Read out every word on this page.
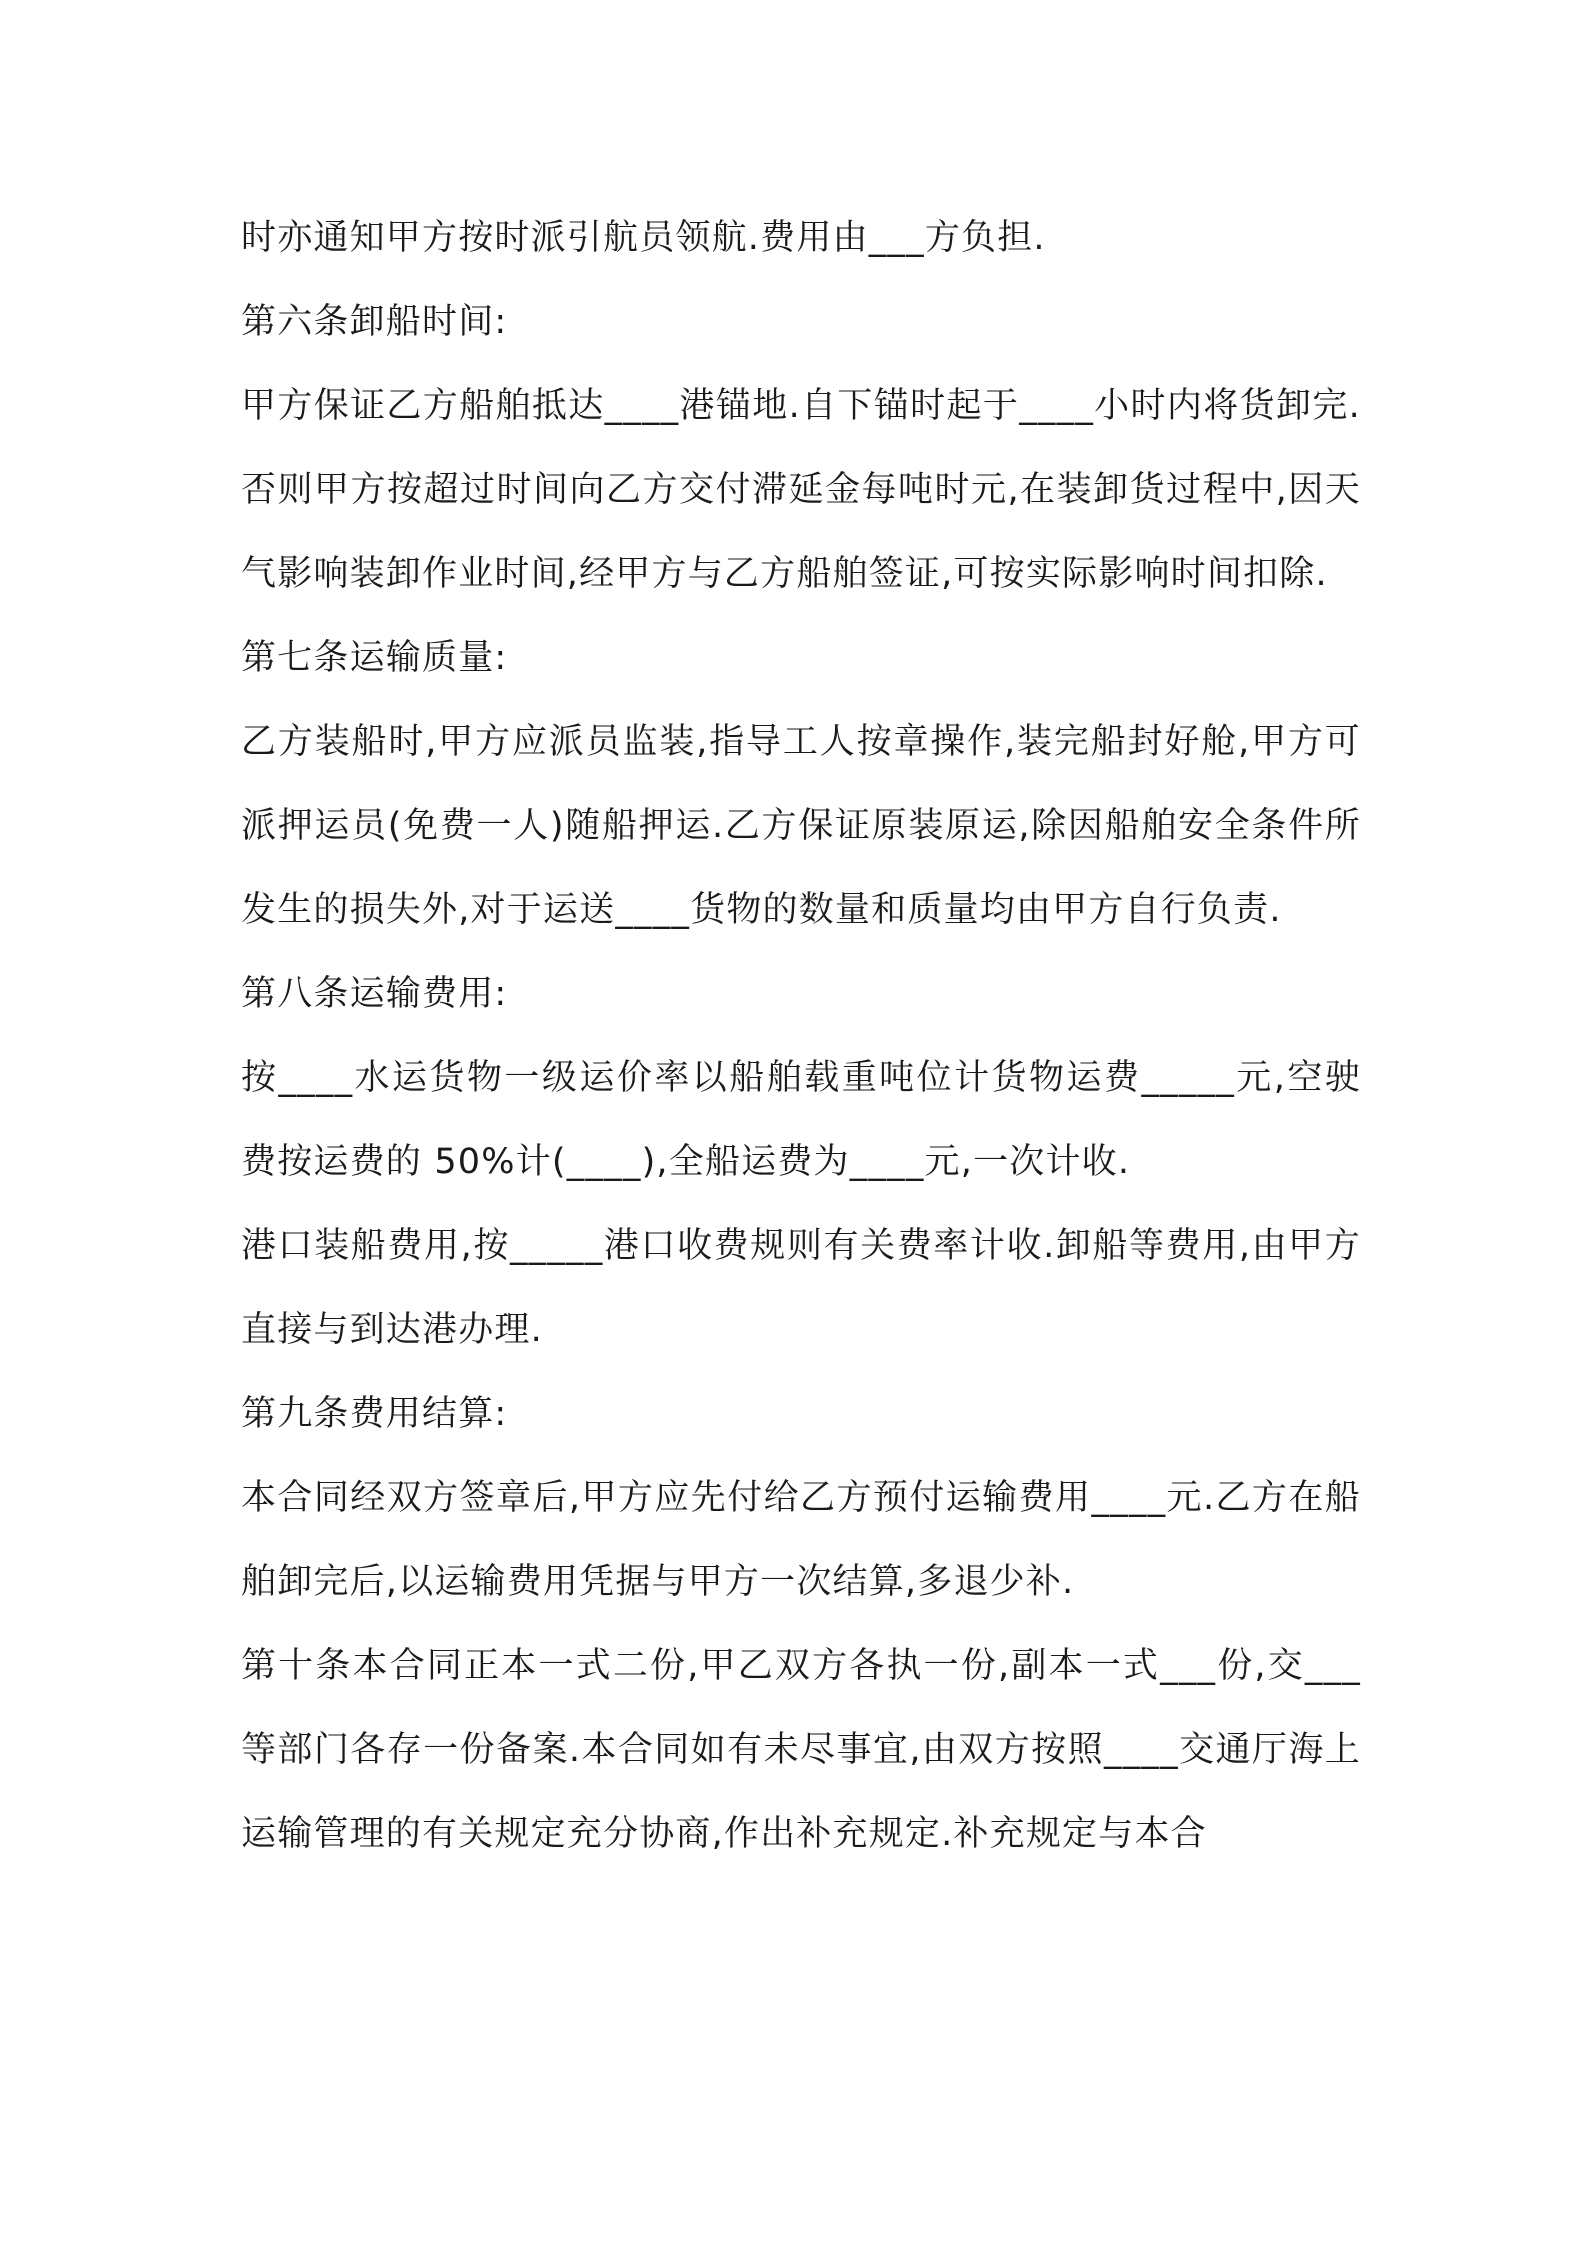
时亦通知甲方按时派引航员领航.费用由___方负担.

第六条卸船时间:

甲方保证乙方船舶抵达____港锚地.自下锚时起于____小时内将货卸完.否则甲方按超过时间向乙方交付滞延金每吨时元,在装卸货过程中,因天气影响装卸作业时间,经甲方与乙方船舶签证,可按实际影响时间扣除.

第七条运输质量:

乙方装船时,甲方应派员监装,指导工人按章操作,装完船封好舱,甲方可派押运员(免费一人)随船押运.乙方保证原装原运,除因船舶安全条件所发生的损失外,对于运送____货物的数量和质量均由甲方自行负责.

第八条运输费用:

按____水运货物一级运价率以船舶载重吨位计货物运费_____元,空驶费按运费的 50%计(____),全船运费为____元,一次计收.

港口装船费用,按_____港口收费规则有关费率计收.卸船等费用,由甲方直接与到达港办理.

第九条费用结算:

本合同经双方签章后,甲方应先付给乙方预付运输费用____元.乙方在船舶卸完后,以运输费用凭据与甲方一次结算,多退少补.

第十条本合同正本一式二份,甲乙双方各执一份,副本一式___份,交___等部门各存一份备案.本合同如有未尽事宜,由双方按照____交通厅海上运输管理的有关规定充分协商,作出补充规定.补充规定与本合
